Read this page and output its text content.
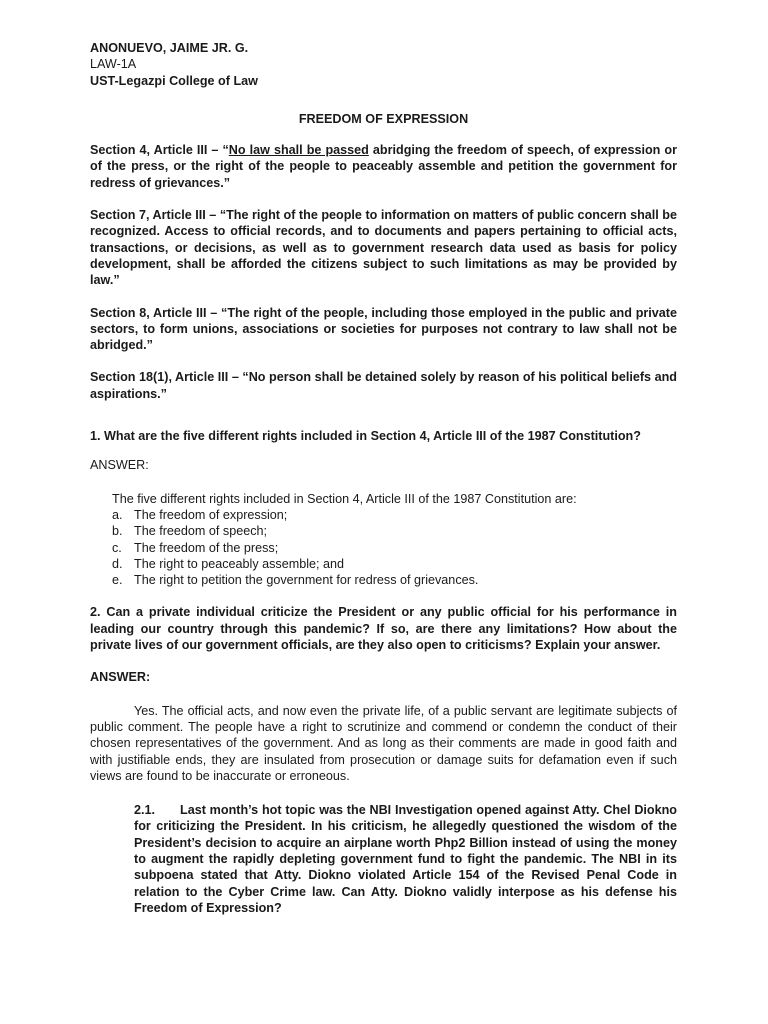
ANONUEVO, JAIME JR. G.

LAW-1A

UST-Legazpi College of Law

FREEDOM OF EXPRESSION

Section 4, Article III – “No law shall be passed abridging the freedom of speech, of expression or of the press, or the right of the people to peaceably assemble and petition the government for redress of grievances.”

Section 7, Article III – “The right of the people to information on matters of public concern shall be recognized. Access to official records, and to documents and papers pertaining to official acts, transactions, or decisions, as well as to government research data used as basis for policy development, shall be afforded the citizens subject to such limitations as may be provided by law.”

Section 8, Article III – “The right of the people, including those employed in the public and private sectors, to form unions, associations or societies for purposes not contrary to law shall not be abridged.”

Section 18(1), Article III – “No person shall be detained solely by reason of his political beliefs and aspirations.”

1. What are the five different rights included in Section 4, Article III of the 1987 Constitution?

ANSWER:

The five different rights included in Section 4, Article III of the 1987 Constitution are:

a. The freedom of expression;
b. The freedom of speech;
c. The freedom of the press;
d. The right to peaceably assemble; and
e. The right to petition the government for redress of grievances.

2. Can a private individual criticize the President or any public official for his performance in leading our country through this pandemic? If so, are there any limitations? How about the private lives of our government officials, are they also open to criticisms? Explain your answer.

ANSWER:

Yes. The official acts, and now even the private life, of a public servant are legitimate subjects of public comment. The people have a right to scrutinize and commend or condemn the conduct of their chosen representatives of the government. And as long as their comments are made in good faith and with justifiable ends, they are insulated from prosecution or damage suits for defamation even if such views are found to be inaccurate or erroneous.

2.1. Last month’s hot topic was the NBI Investigation opened against Atty. Chel Diokno for criticizing the President. In his criticism, he allegedly questioned the wisdom of the President’s decision to acquire an airplane worth Php2 Billion instead of using the money to augment the rapidly depleting government fund to fight the pandemic. The NBI in its subpoena stated that Atty. Diokno violated Article 154 of the Revised Penal Code in relation to the Cyber Crime law. Can Atty. Diokno validly interpose as his defense his Freedom of Expression?
